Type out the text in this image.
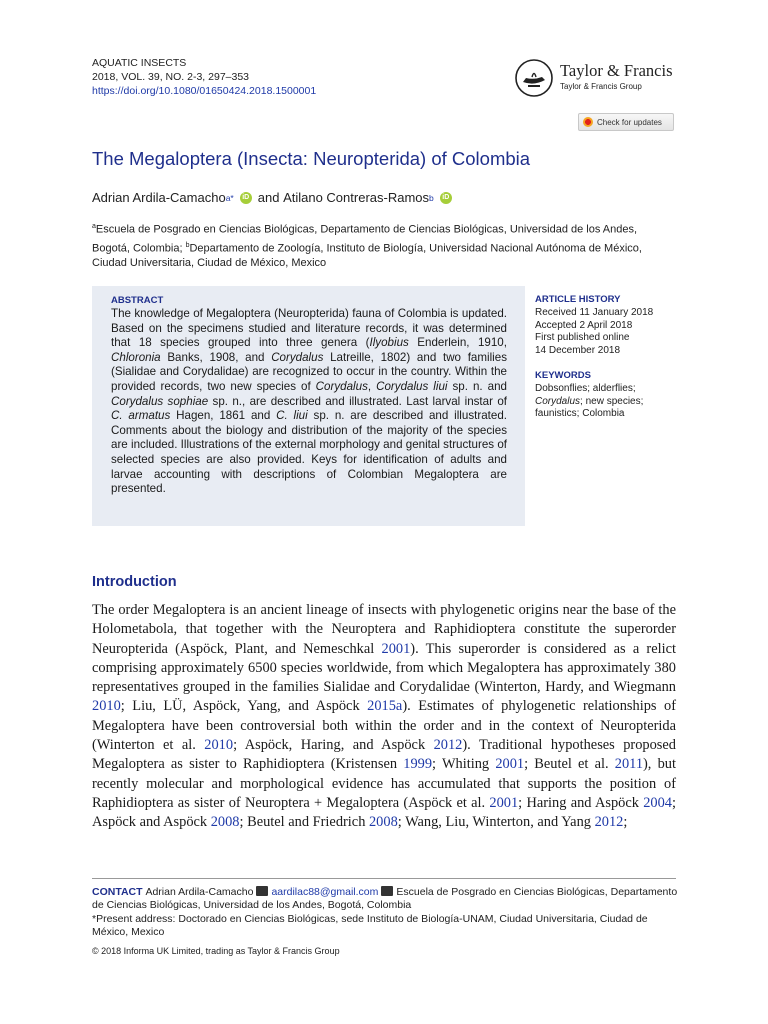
AQUATIC INSECTS
2018, VOL. 39, NO. 2-3, 297–353
https://doi.org/10.1080/01650424.2018.1500001
Taylor & Francis
Taylor & Francis Group
Check for updates
The Megaloptera (Insecta: Neuropterida) of Colombia
Adrian Ardila-Camacho a*	iD and
Atilano Contreras-Ramos b	iD
$^a$Escuela de Posgrado en Ciencias Biológicas, Departamento de Ciencias Biológicas, Universidad de los Andes, Bogotá, Colombia; $^b$Departamento de Zoología, Instituto de Biología, Universidad Nacional Autónoma de México, Ciudad Universitaria, Ciudad de México, Mexico
ABSTRACT
The knowledge of Megaloptera (Neuropterida) fauna of Colombia is updated. Based on the specimens studied and literature records, it was determined that 18 species grouped into three genera (Ilyobius Enderlein, 1910, Chloronia Banks, 1908, and Corydalus Latreille, 1802) and two families (Sialidae and Corydalidae) are recognized to occur in the country. Within the provided records, two new species of Corydalus, Corydalus liui sp. n. and Corydalus sophiae sp. n., are described and illustrated. Last larval instar of C. armatus Hagen, 1861 and C. liui sp. n. are described and illustrated. Comments about the biology and distribution of the majority of the species are included. Illustrations of the external morphology and genital structures of selected species are also provided. Keys for identification of adults and larvae accounting with descriptions of Colombian Megaloptera are presented.
ARTICLE HISTORY
Received 11 January 2018
Accepted 2 April 2018
First published online
14 December 2018
KEYWORDS
Dobsonflies; alderflies;
Corydalus; new species;
faunistics; Colombia
Introduction
The order Megaloptera is an ancient lineage of insects with phylogenetic origins near the base of the Holometabola, that together with the Neuroptera and Raphidioptera constitute the superorder Neuropterida (Aspöck, Plant, and Nemeschkal 2001). This superorder is considered as a relict comprising approximately 6500 species worldwide, from which Megaloptera has approximately 380 representatives grouped in the families Sialidae and Corydalidae (Winterton, Hardy, and Wiegmann 2010; Liu, LÜ, Aspöck, Yang, and Aspöck 2015a). Estimates of phylogenetic relationships of Megaloptera have been controversial both within the order and in the context of Neuropterida (Winterton et al. 2010; Aspöck, Haring, and Aspöck 2012). Traditional hypotheses proposed Megaloptera as sister to Raphidioptera (Kristensen 1999; Whiting 2001; Beutel et al. 2011), but recently molecular and morphological evidence has accumulated that supports the position of Raphidioptera as sister of Neuroptera + Megaloptera (Aspöck et al. 2001; Haring and Aspöck 2004; Aspöck and Aspöck 2008; Beutel and Friedrich 2008; Wang, Liu, Winterton, and Yang 2012;
CONTACT Adrian Ardila-Camacho aardilac88@gmail.com Escuela de Posgrado en Ciencias Biológicas, Departamento de Ciencias Biológicas, Universidad de los Andes, Bogotá, Colombia
*Present address: Doctorado en Ciencias Biológicas, sede Instituto de Biología-UNAM, Ciudad Universitaria, Ciudad de México, Mexico
© 2018 Informa UK Limited, trading as Taylor & Francis Group
